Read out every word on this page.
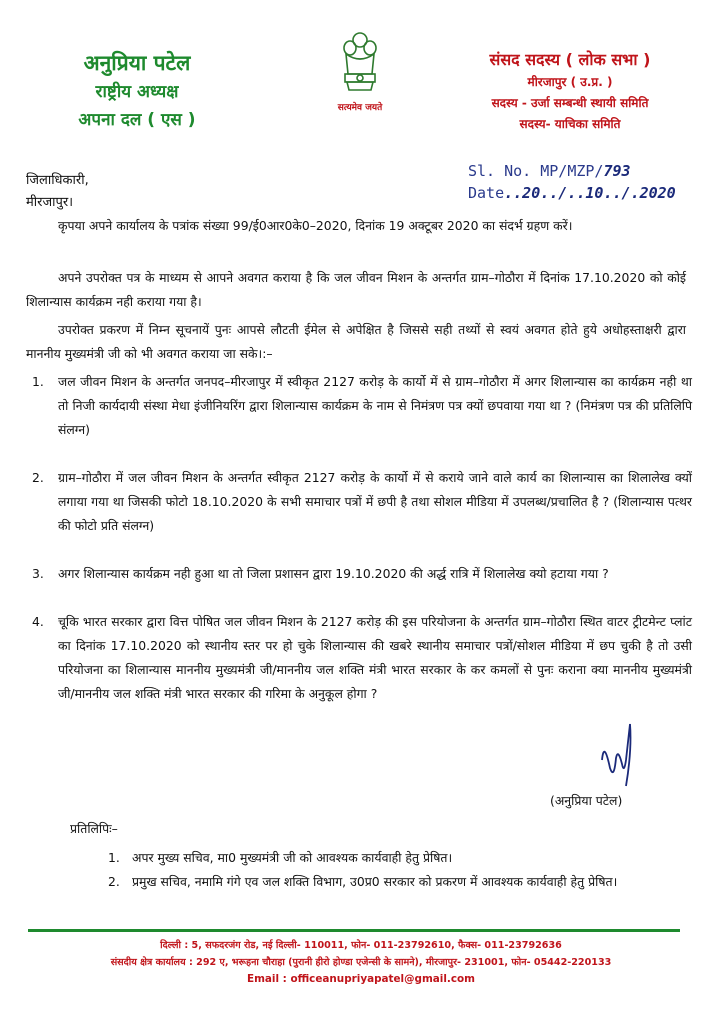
अनुप्रिया पटेल
राष्ट्रीय अध्यक्ष
अपना दल ( एस )
सत्यमेव जयते
संसद सदस्य ( लोक सभा )
मीरजापुर ( उ.प्र. )
सदस्य - उर्जा सम्बन्धी स्थायी समिति
सदस्य- याचिका समिति
Sl. No. MP/MZP/793
Date..20../..10../.2020
जिलाधिकारी,
मीरजापुर।
कृपया अपने कार्यालय के पत्रांक संख्या 99/ई0आर0के0–2020, दिनांक 19 अक्टूबर 2020 का संदर्भ ग्रहण करें।
अपने उपरोक्त पत्र के माध्यम से आपने अवगत कराया है कि जल जीवन मिशन के अन्तर्गत ग्राम–गोठौरा में दिनांक 17.10.2020 को कोई शिलान्यास कार्यक्रम नही कराया गया है।
उपरोक्त प्रकरण में निम्न सूचनायें पुनः आपसे लौटती ईमेल से अपेक्षित है जिससे सही तथ्यों से स्वयं अवगत होते हुये अधोहस्ताक्षरी द्वारा माननीय मुख्यमंत्री जी को भी अवगत कराया जा सके।:–
1. जल जीवन मिशन के अन्तर्गत जनपद–मीरजापुर में स्वीकृत 2127 करोड़ के कार्यो में से ग्राम–गोठौरा में अगर शिलान्यास का कार्यक्रम नही था तो निजी कार्यदायी संस्था मेधा इंजीनियरिंग द्वारा शिलान्यास कार्यक्रम के नाम से निमंत्रण पत्र क्यों छपवाया गया था ? (निमंत्रण पत्र की प्रतिलिपि संलग्न)
2. ग्राम–गोठौरा में जल जीवन मिशन के अन्तर्गत स्वीकृत 2127 करोड़ के कार्यो में से कराये जाने वाले कार्य का शिलान्यास का शिलालेख क्यों लगाया गया था जिसकी फोटो 18.10.2020 के सभी समाचार पत्रों में छपी है तथा सोशल मीडिया में उपलब्ध/प्रचालित है ? (शिलान्यास पत्थर की फोटो प्रति संलग्न)
3. अगर शिलान्यास कार्यक्रम नही हुआ था तो जिला प्रशासन द्वारा 19.10.2020 की अर्द्ध रात्रि में शिलालेख क्यो हटाया गया ?
4. चूकि भारत सरकार द्वारा वित्त पोषित जल जीवन मिशन के 2127 करोड़ की इस परियोजना के अन्तर्गत ग्राम–गोठौरा स्थित वाटर ट्रीटमेन्ट प्लांट का दिनांक 17.10.2020 को स्थानीय स्तर पर हो चुके शिलान्यास की खबरे स्थानीय समाचार पत्रों/सोशल मीडिया में छप चुकी है तो उसी परियोजना का शिलान्यास माननीय मुख्यमंत्री जी/माननीय जल शक्ति मंत्री भारत सरकार के कर कमलों से पुनः कराना क्या माननीय मुख्यमंत्री जी/माननीय जल शक्ति मंत्री भारत सरकार की गरिमा के अनुकूल होगा ?
(अनुप्रिया पटेल)
प्रतिलिपिः–
1. अपर मुख्य सचिव, मा0 मुख्यमंत्री जी को आवश्यक कार्यवाही हेतु प्रेषित।
2. प्रमुख सचिव, नमामि गंगे एव जल शक्ति विभाग, उ0प्र0 सरकार को प्रकरण में आवश्यक कार्यवाही हेतु प्रेषित।
दिल्ली : 5, सफदरजंग रोड, नई दिल्ली- 110011, फोन- 011-23792610, फैक्स- 011-23792636
संसदीय क्षेत्र कार्यालय : 292 ए, भरूहना चौराहा (पुरानी हीरो होण्डा एजेन्सी के सामने), मीरजापुर- 231001, फोन- 05442-220133
Email : officeanupriyapatel@gmail.com
